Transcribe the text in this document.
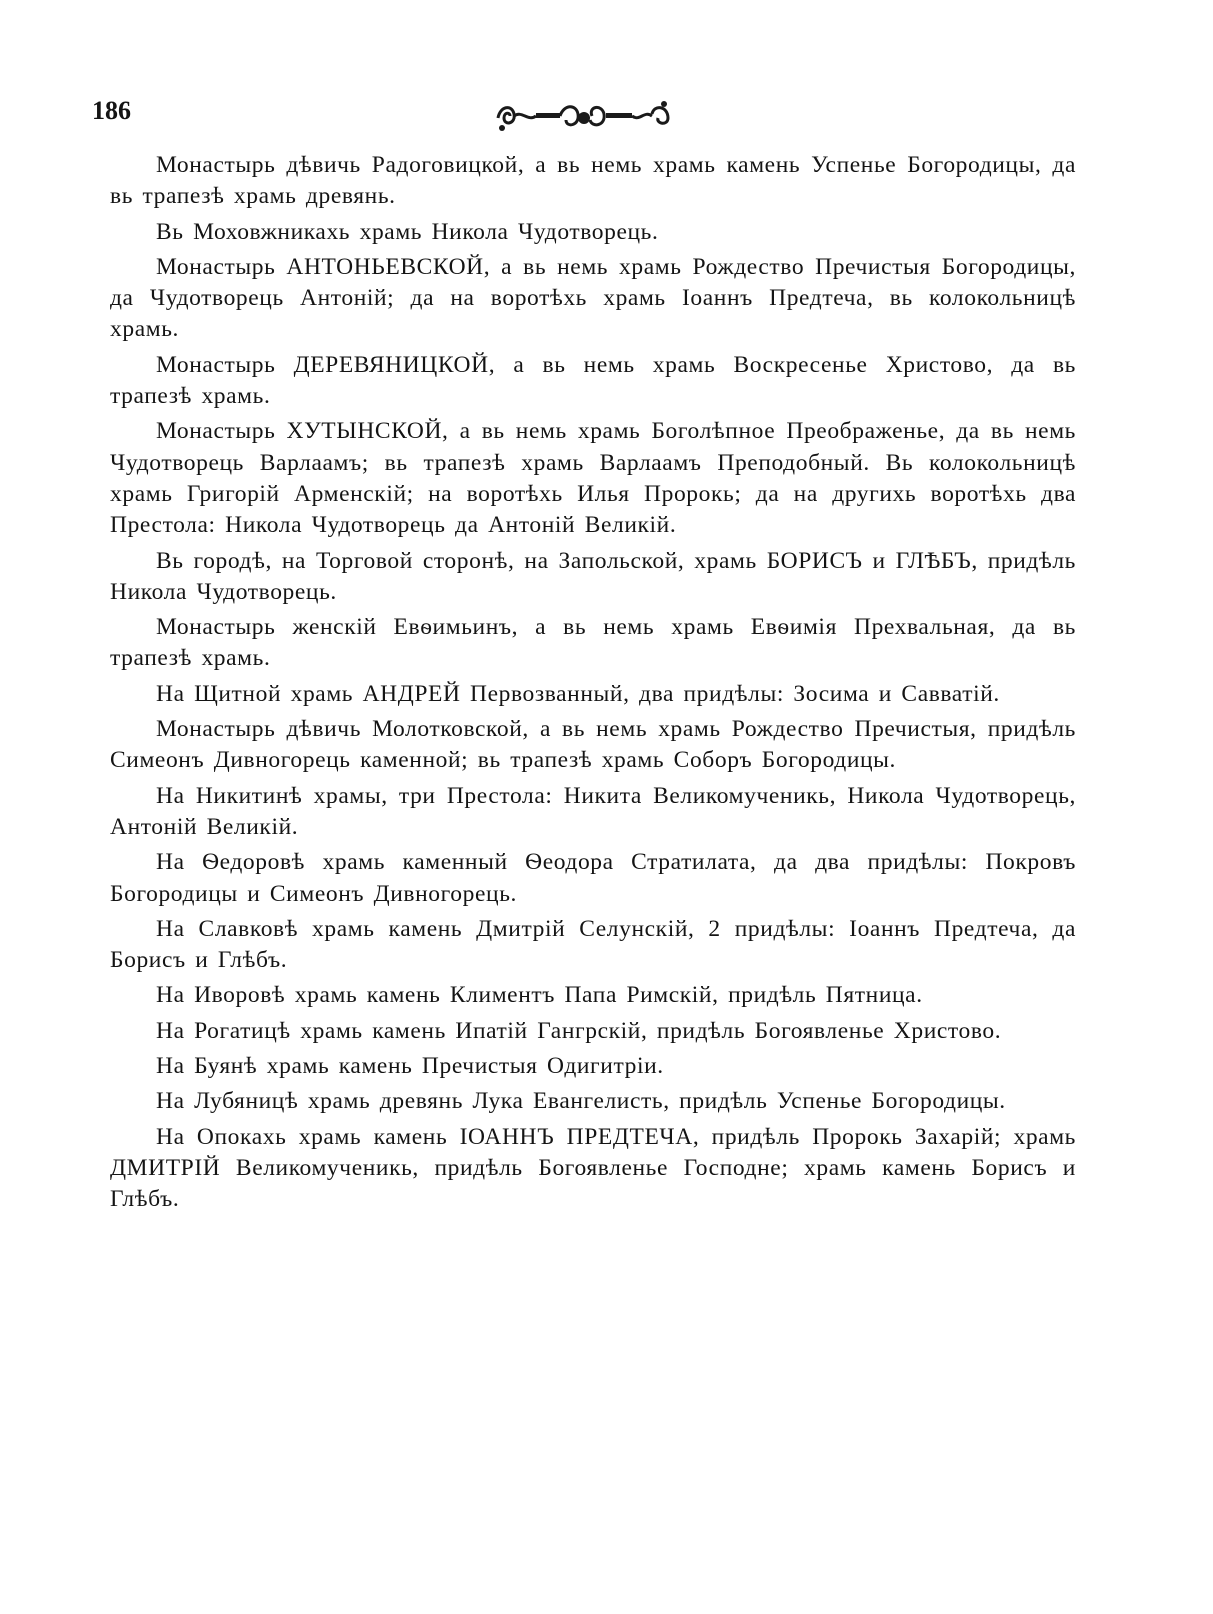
186

Монастырь дѣвичь Радоговицкой, а вь немь храмь камень Успенье Богородицы, да вь трапезѣ храмь древянь.

Вь Моховжникахь храмь Никола Чудотворець.

Монастырь АНТОНЬЕВСКОЙ, а вь немь храмь Рождество Пречистыя Богородицы, да Чудотворець Антоній; да на воротѣхь храмь Іоаннъ Предтеча, вь колокольницѣ храмь.

Монастырь ДЕРЕВЯНИЦКОЙ, а вь немь храмь Воскресенье Христово, да вь трапезѣ храмь.

Монастырь ХУТЫНСКОЙ, а вь немь храмь Боголѣпное Преображенье, да вь немь Чудотворець Варлаамъ; вь трапезѣ храмь Варлаамъ Преподобный. Вь колокольницѣ храмь Григорій Арменскій; на воротѣхь Илья Пророкь; да на другихь воротѣхь два Престола: Никола Чудотворець да Антоній Великій.

Вь городѣ, на Торговой сторонѣ, на Запольской, храмь БОРИСЪ и ГЛѢБЪ, придѣль Никола Чудотворець.

Монастырь женскій Евѳимьинъ, а вь немь храмь Евѳимія Прехвальная, да вь трапезѣ храмь.

На Щитной храмь АНДРЕЙ Первозванный, два придѣлы: Зосима и Савватій.

Монастырь дѣвичь Молотковской, а вь немь храмь Рождество Пречистыя, придѣль Симеонъ Дивногорець каменной; вь трапезѣ храмь Соборъ Богородицы.

На Никитинѣ храмы, три Престола: Никита Великомученикь, Никола Чудотворець, Антоній Великій.

На Ѳедоровѣ храмь каменный Ѳеодора Стратилата, да два придѣлы: Покровъ Богородицы и Симеонъ Дивногорець.

На Славковѣ храмь камень Дмитрій Селунскій, 2 придѣлы: Іоаннъ Предтеча, да Борисъ и Глѣбъ.

На Иворовѣ храмь камень Климентъ Папа Римскій, придѣль Пятница.

На Рогатицѣ храмь камень Ипатій Гангрскій, придѣль Богоявленье Христово.

На Буянѣ храмь камень Пречистыя Одигитріи.

На Лубяницѣ храмь древянь Лука Евангелисть, придѣль Успенье Богородицы.

На Опокахь храмь камень ІОАННЪ ПРЕДТЕЧА, придѣль Пророкь Захарій; храмь ДМИТРІЙ Великомученикь, придѣль Богоявленье Господне; храмь камень Борисъ и Глѣбъ.
